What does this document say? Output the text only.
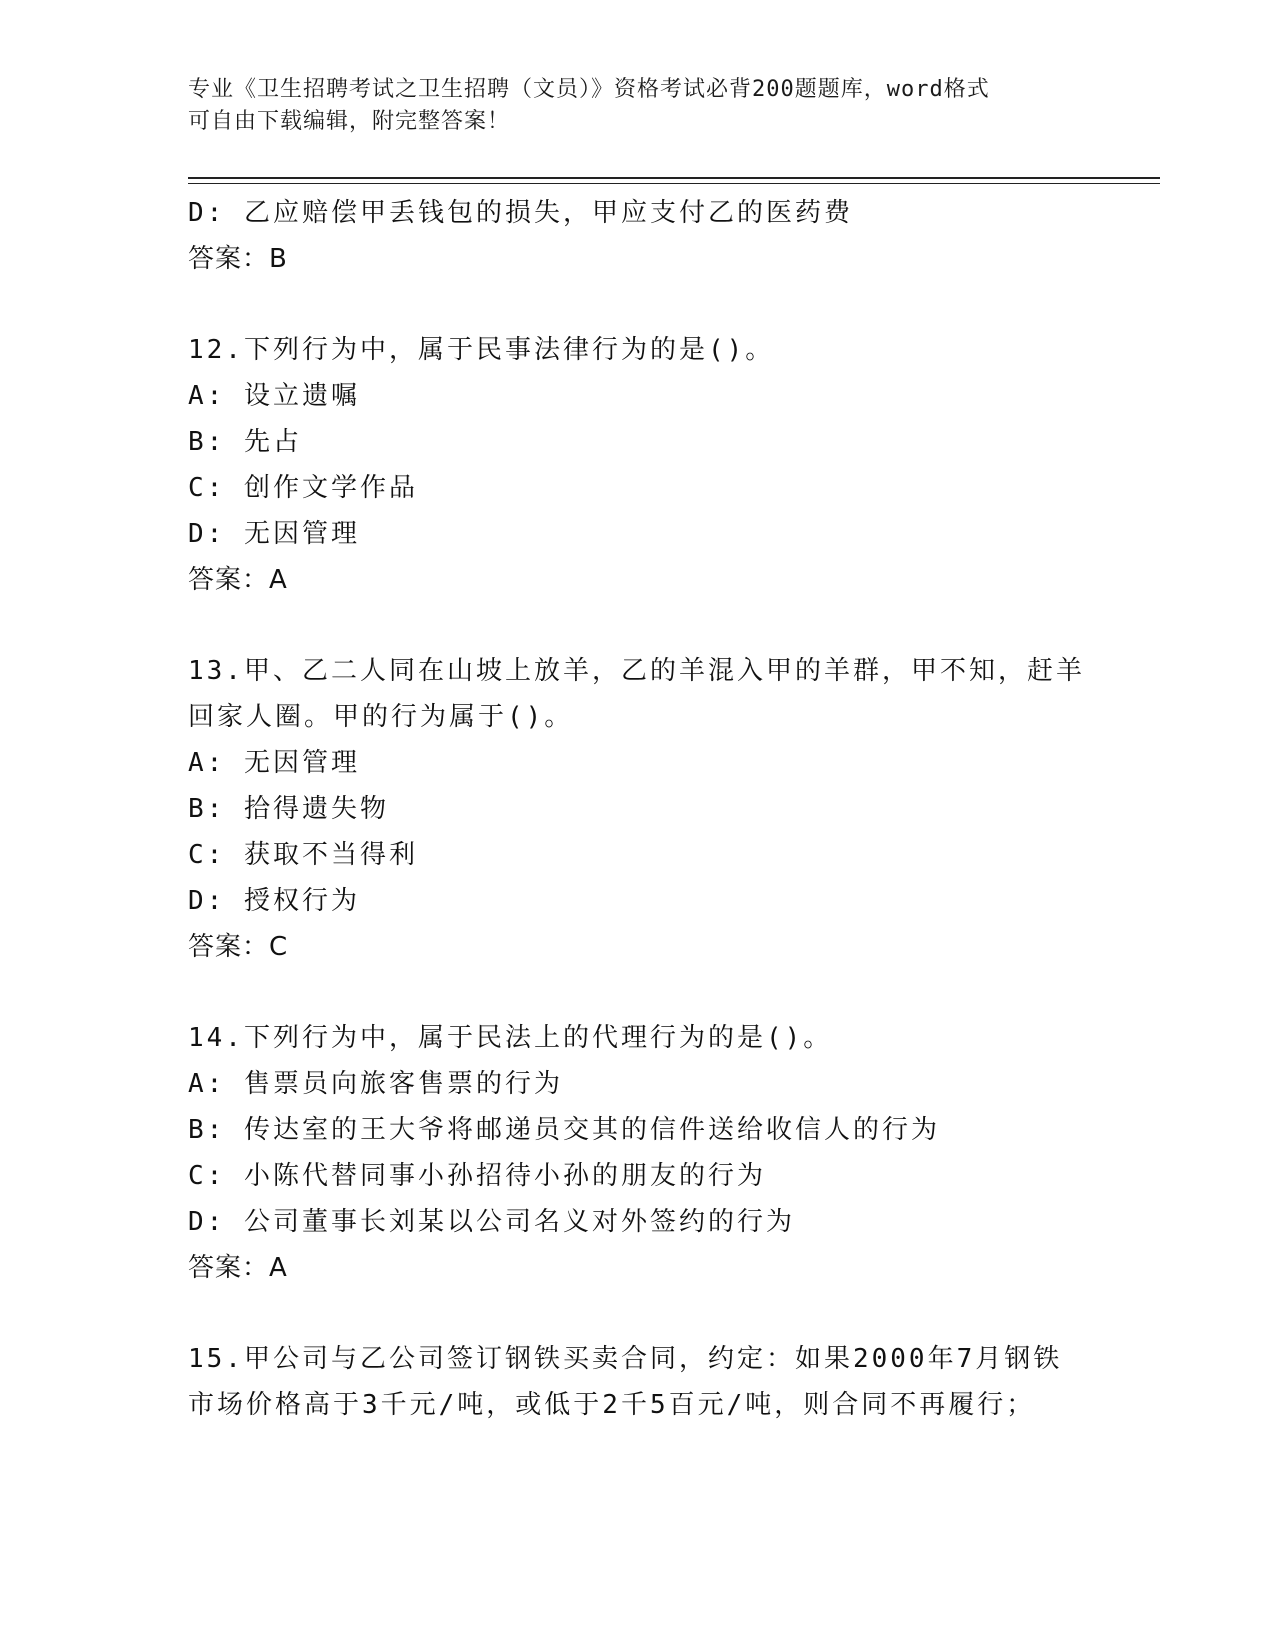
专业《卫生招聘考试之卫生招聘（文员）》资格考试必背200题题库，word格式
可自由下载编辑，附完整答案！
D: 乙应赔偿甲丢钱包的损失，甲应支付乙的医药费
答案：B
12.下列行为中，属于民事法律行为的是()。
A: 设立遗嘱
B: 先占
C: 创作文学作品
D: 无因管理
答案：A
13.甲、乙二人同在山坡上放羊，乙的羊混入甲的羊群，甲不知，赶羊
回家人圈。甲的行为属于()。
A: 无因管理
B: 拾得遗失物
C: 获取不当得利
D: 授权行为
答案：C
14.下列行为中，属于民法上的代理行为的是()。
A: 售票员向旅客售票的行为
B: 传达室的王大爷将邮递员交其的信件送给收信人的行为
C: 小陈代替同事小孙招待小孙的朋友的行为
D: 公司董事长刘某以公司名义对外签约的行为
答案：A
15.甲公司与乙公司签订钢铁买卖合同，约定：如果2000年7月钢铁
市场价格高于3千元/吨，或低于2千5百元/吨，则合同不再履行；
